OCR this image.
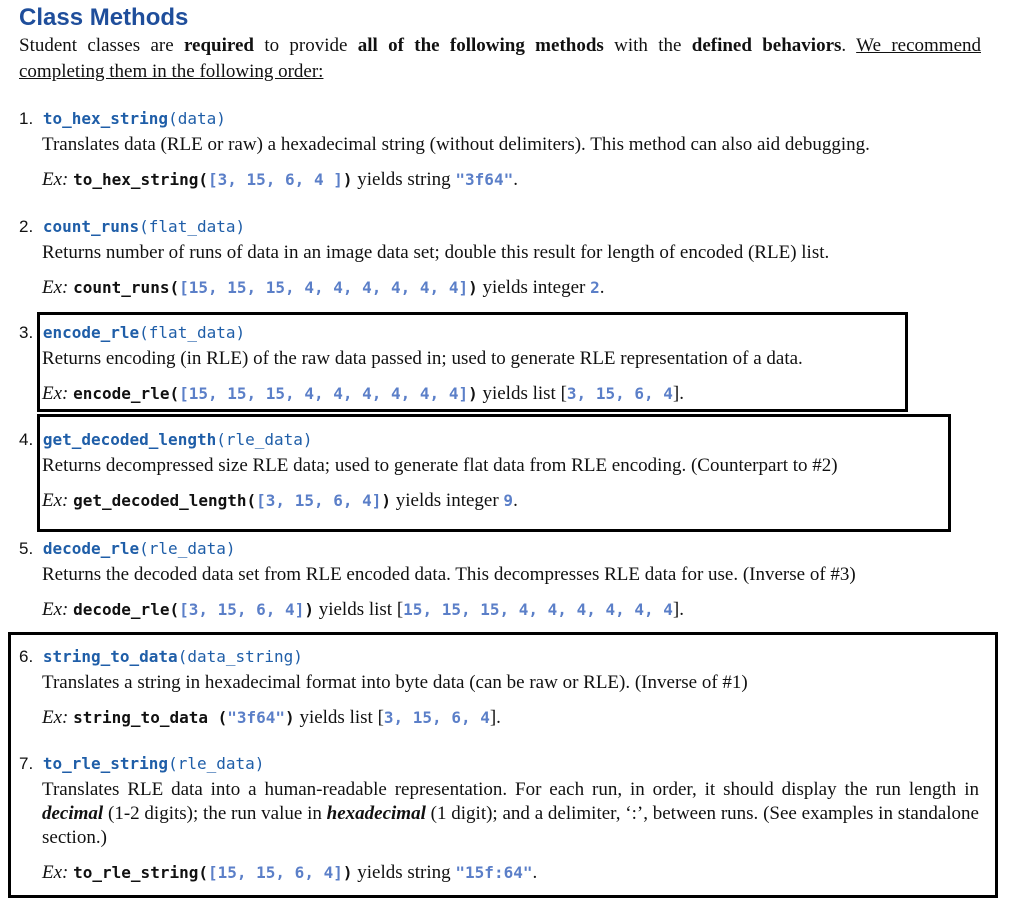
Class Methods
Student classes are required to provide all of the following methods with the defined behaviors. We recommend completing them in the following order:
1. to_hex_string(data)
Translates data (RLE or raw) a hexadecimal string (without delimiters). This method can also aid debugging.
Ex: to_hex_string([3, 15, 6, 4 ]) yields string "3f64".
2. count_runs(flat_data)
Returns number of runs of data in an image data set; double this result for length of encoded (RLE) list.
Ex: count_runs([15, 15, 15, 4, 4, 4, 4, 4, 4]) yields integer 2.
3. encode_rle(flat_data)
Returns encoding (in RLE) of the raw data passed in; used to generate RLE representation of a data.
Ex: encode_rle([15, 15, 15, 4, 4, 4, 4, 4, 4]) yields list [3, 15, 6, 4].
4. get_decoded_length(rle_data)
Returns decompressed size RLE data; used to generate flat data from RLE encoding. (Counterpart to #2)
Ex: get_decoded_length([3, 15, 6, 4]) yields integer 9.
5. decode_rle(rle_data)
Returns the decoded data set from RLE encoded data. This decompresses RLE data for use. (Inverse of #3)
Ex: decode_rle([3, 15, 6, 4]) yields list [15, 15, 15, 4, 4, 4, 4, 4, 4].
6. string_to_data(data_string)
Translates a string in hexadecimal format into byte data (can be raw or RLE). (Inverse of #1)
Ex: string_to_data ("3f64") yields list [3, 15, 6, 4].
7. to_rle_string(rle_data)
Translates RLE data into a human-readable representation. For each run, in order, it should display the run length in decimal (1-2 digits); the run value in hexadecimal (1 digit); and a delimiter, ‘:’, between runs. (See examples in standalone section.)
Ex: to_rle_string([15, 15, 6, 4]) yields string "15f:64".
